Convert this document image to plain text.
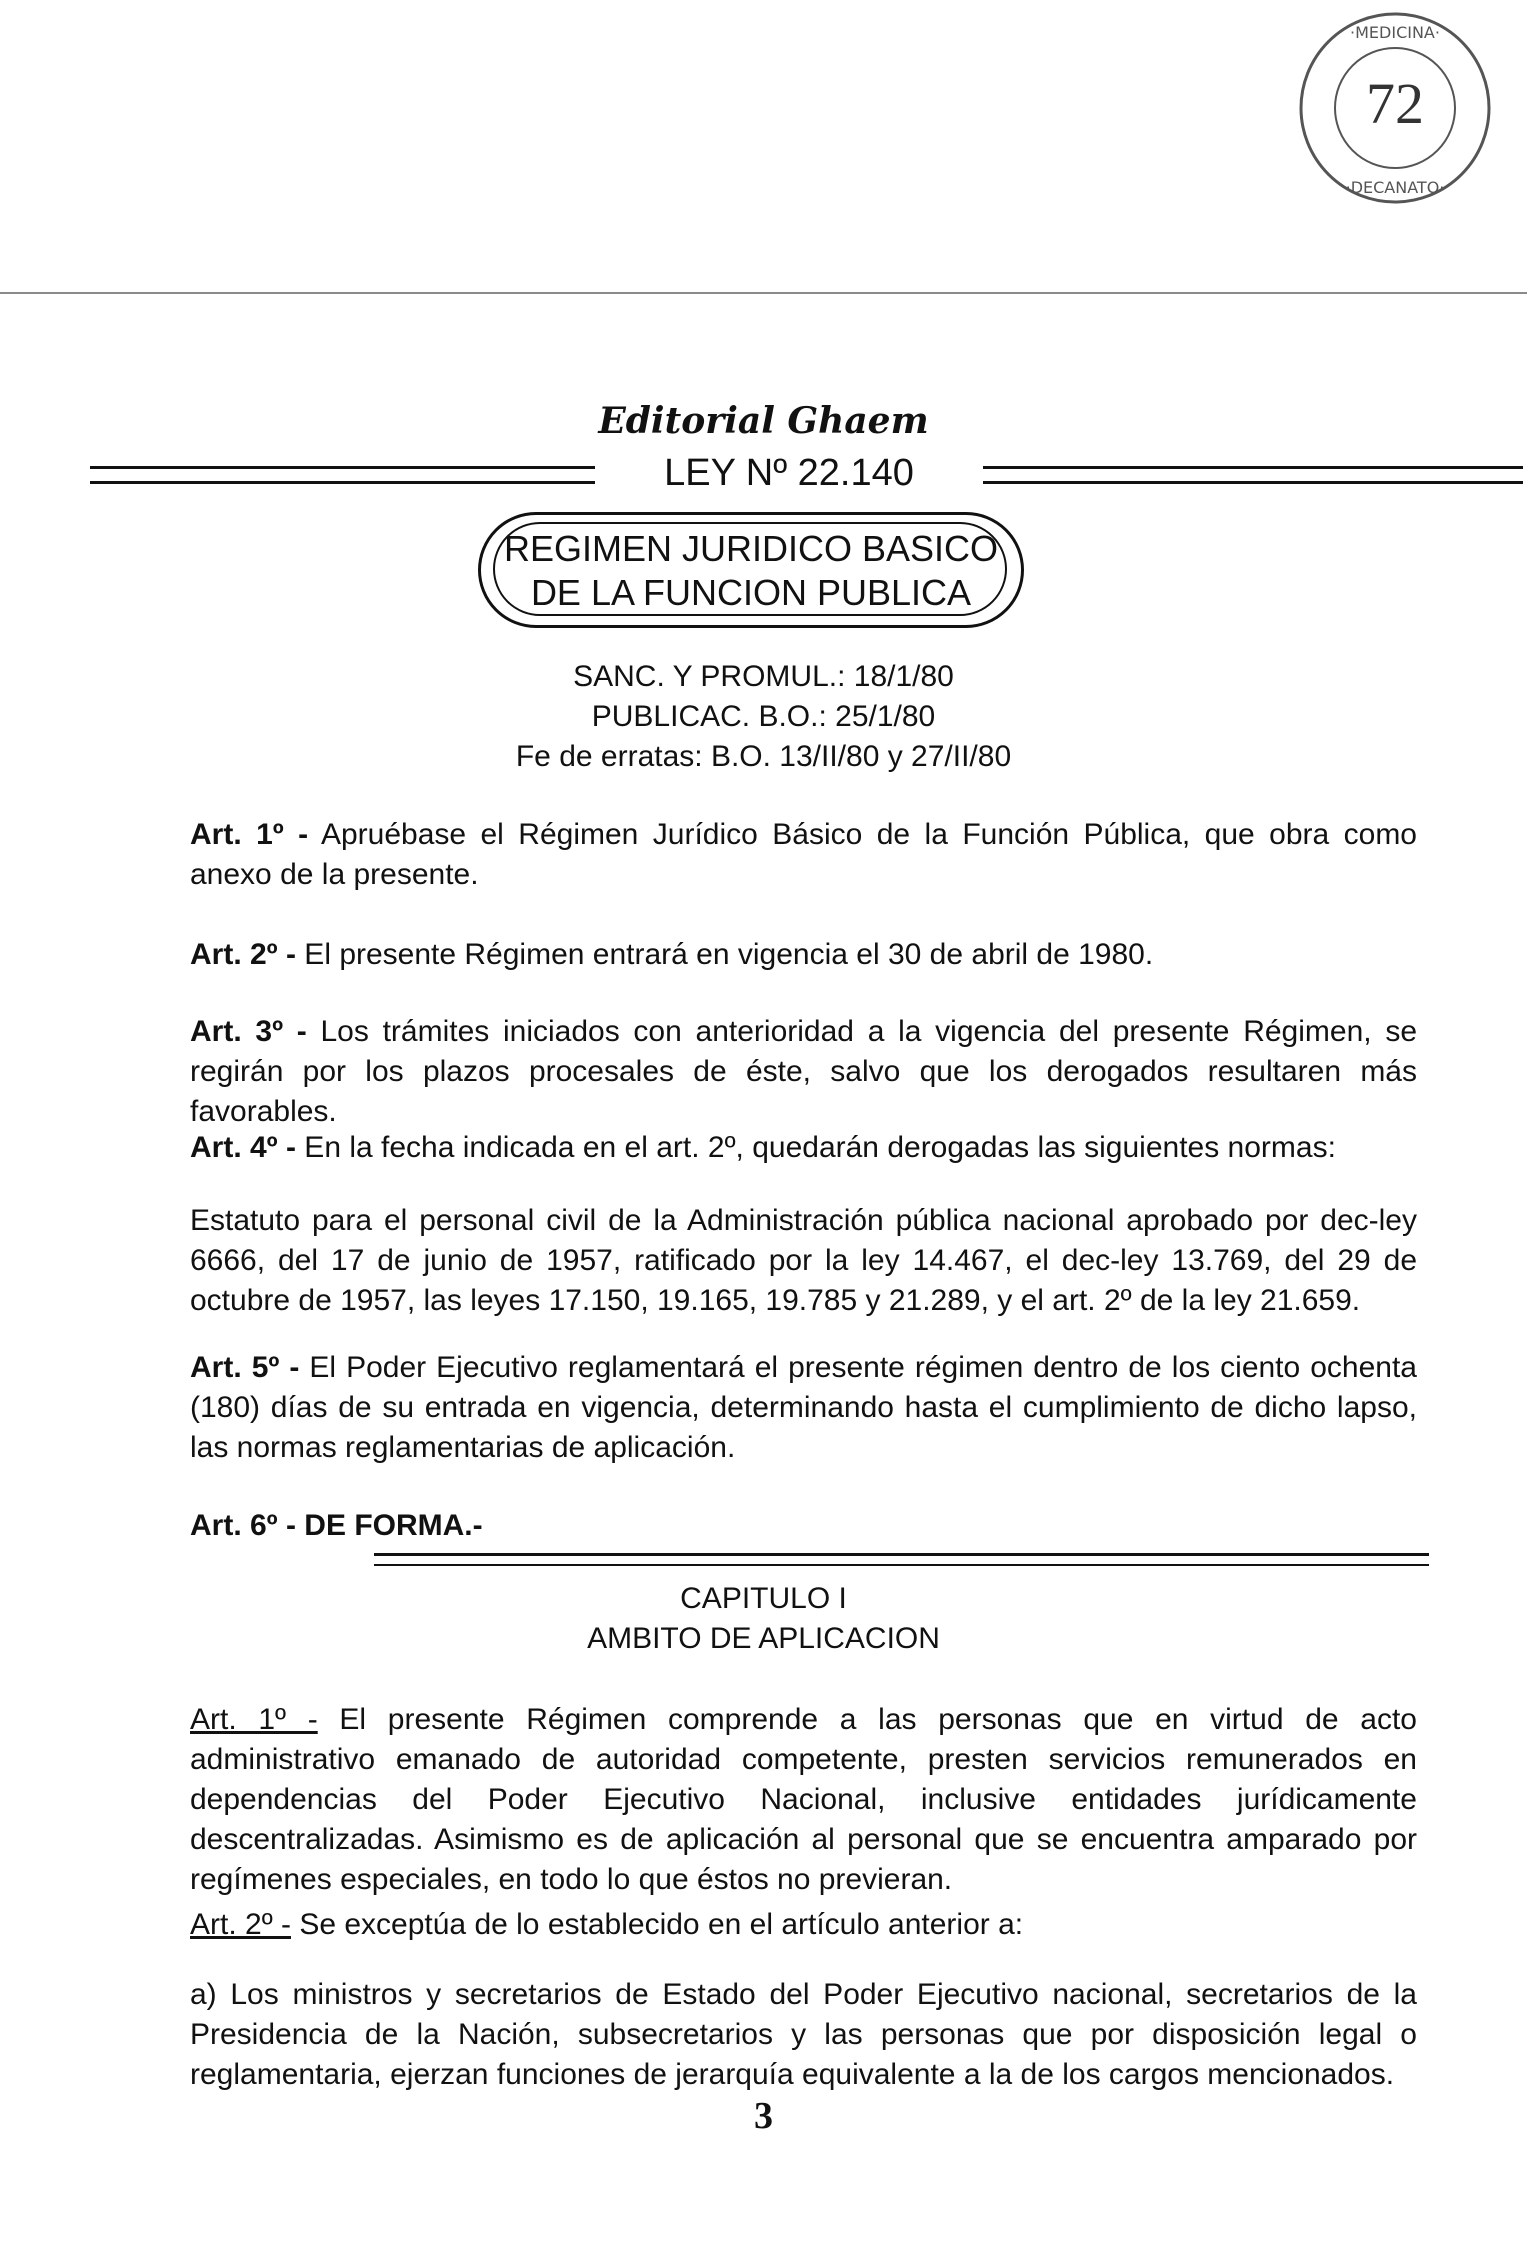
·MEDICINA·
·DECANATO·
72
Editorial Ghaem
LEY Nº 22.140
REGIMEN JURIDICO BASICO
DE LA FUNCION PUBLICA
SANC. Y PROMUL.: 18/1/80
PUBLICAC. B.O.: 25/1/80
Fe de erratas: B.O. 13/II/80 y 27/II/80
Art. 1º - Apruébase el Régimen Jurídico Básico de la Función Pública, que obra como anexo de la presente.
Art. 2º - El presente Régimen entrará en vigencia el 30 de abril de 1980.
Art. 3º - Los trámites iniciados con anterioridad a la vigencia del presente Régimen, se regirán por los plazos procesales de éste, salvo que los derogados resultaren más favorables.
Art. 4º - En la fecha indicada en el art. 2º, quedarán derogadas las siguientes normas:
Estatuto para el personal civil de la Administración pública nacional aprobado por dec-ley 6666, del 17 de junio de 1957, ratificado por la ley 14.467, el dec-ley 13.769, del 29 de octubre de 1957, las leyes 17.150, 19.165, 19.785 y 21.289, y el art. 2º de la ley 21.659.
Art. 5º - El Poder Ejecutivo reglamentará el presente régimen dentro de los ciento ochenta (180) días de su entrada en vigencia, determinando hasta el cumplimiento de dicho lapso, las normas reglamentarias de aplicación.
Art. 6º - DE FORMA.-
CAPITULO I
AMBITO DE APLICACION
Art. 1º - El presente Régimen comprende a las personas que en virtud de acto administrativo emanado de autoridad competente, presten servicios remunerados en dependencias del Poder Ejecutivo Nacional, inclusive entidades jurídicamente descentralizadas. Asimismo es de aplicación al personal que se encuentra amparado por regímenes especiales, en todo lo que éstos no previeran.
Art. 2º - Se exceptúa de lo establecido en el artículo anterior a:
a) Los ministros y secretarios de Estado del Poder Ejecutivo nacional, secretarios de la Presidencia de la Nación, subsecretarios y las personas que por disposición legal o reglamentaria, ejerzan funciones de jerarquía equivalente a la de los cargos mencionados.
3
